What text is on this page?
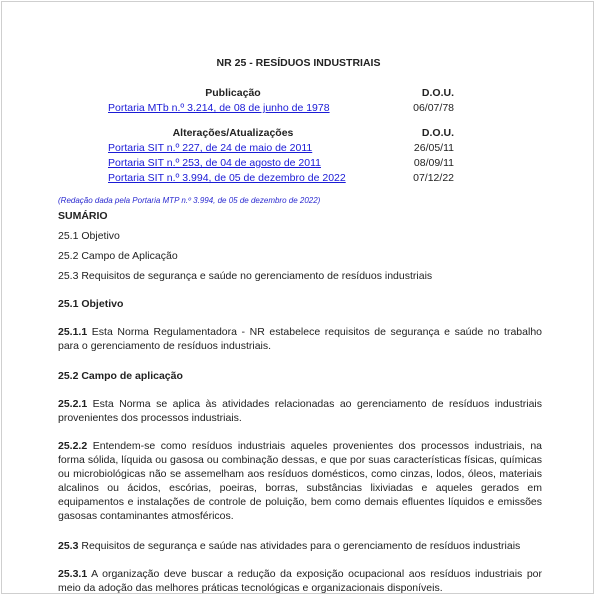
NR 25 - RESÍDUOS INDUSTRIAIS
Publicação	D.O.U.
Portaria MTb n.º 3.214, de 08 de junho de 1978	06/07/78
Alterações/Atualizações	D.O.U.
Portaria SIT n.º 227, de 24 de maio de 2011	26/05/11
Portaria SIT n.º 253, de 04 de agosto de 2011	08/09/11
Portaria SIT n.º 3.994, de 05 de dezembro de 2022	07/12/22
(Redação dada pela Portaria MTP n.º 3.994, de 05 de dezembro de 2022)
SUMÁRIO
25.1 Objetivo
25.2 Campo de Aplicação
25.3 Requisitos de segurança e saúde no gerenciamento de resíduos industriais
25.1 Objetivo
25.1.1 Esta Norma Regulamentadora - NR estabelece requisitos de segurança e saúde no trabalho
para o gerenciamento de resíduos industriais.
25.2 Campo de aplicação
25.2.1 Esta Norma se aplica às atividades relacionadas ao gerenciamento de resíduos industriais
provenientes dos processos industriais.
25.2.2 Entendem-se como resíduos industriais aqueles provenientes dos processos industriais, na
forma sólida, líquida ou gasosa ou combinação dessas, e que por suas características físicas, químicas
ou microbiológicas não se assemelham aos resíduos domésticos, como cinzas, lodos, óleos, materiais
alcalinos ou ácidos, escórias, poeiras, borras, substâncias lixiviadas e aqueles gerados em
equipamentos e instalações de controle de poluição, bem como demais efluentes líquidos e emissões
gasosas contaminantes atmosféricos.
25.3 Requisitos de segurança e saúde nas atividades para o gerenciamento de resíduos industriais
25.3.1 A organização deve buscar a redução da exposição ocupacional aos resíduos industriais por
meio da adoção das melhores práticas tecnológicas e organizacionais disponíveis.
